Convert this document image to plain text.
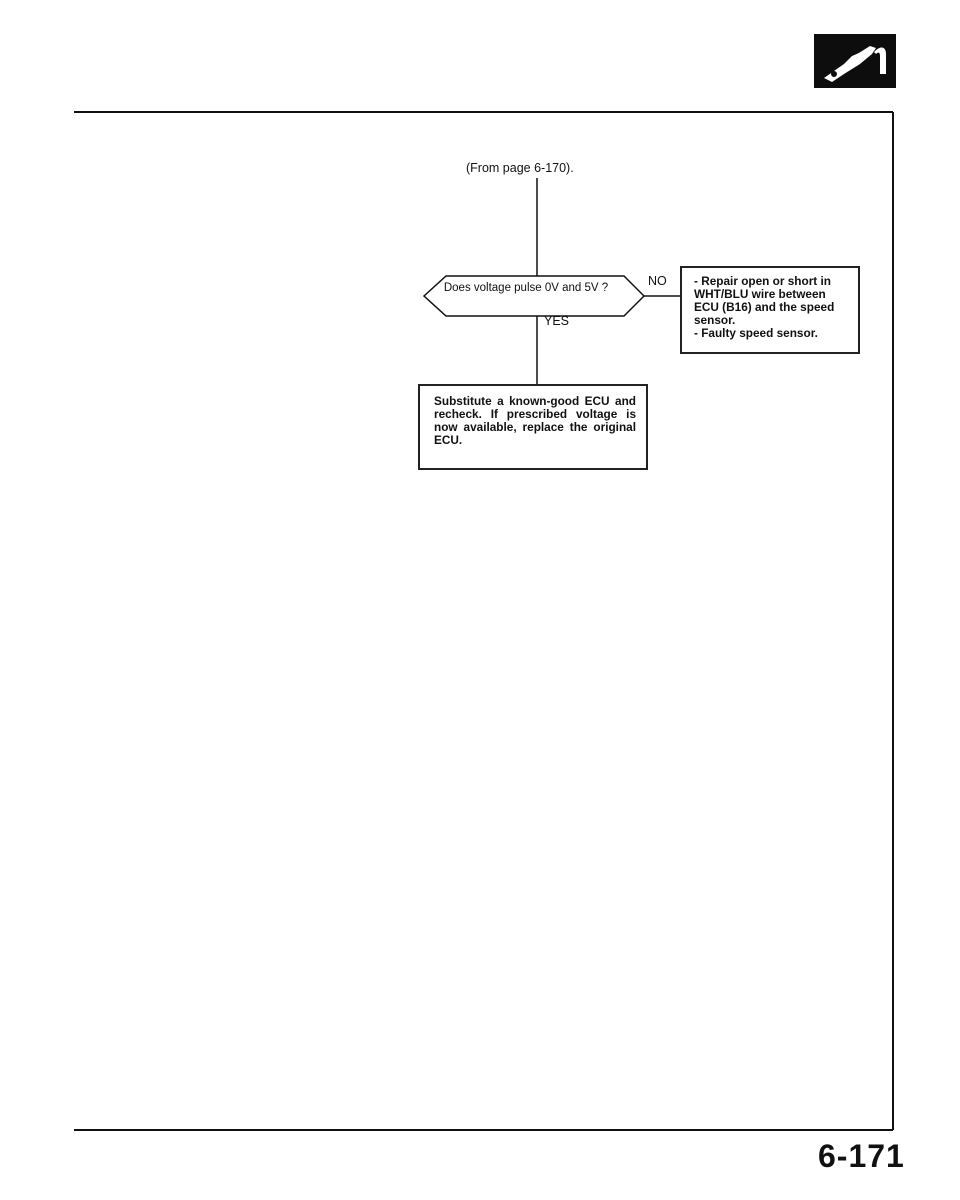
(From page 6-170).
Does voltage pulse 0V and 5V ?	NO
YES
- Repair open or short in WHT/BLU wire between ECU (B16) and the speed sensor.
- Faulty speed sensor.
Substitute a known-good ECU and recheck. If prescribed voltage is now available, replace the original ECU.
6-171
